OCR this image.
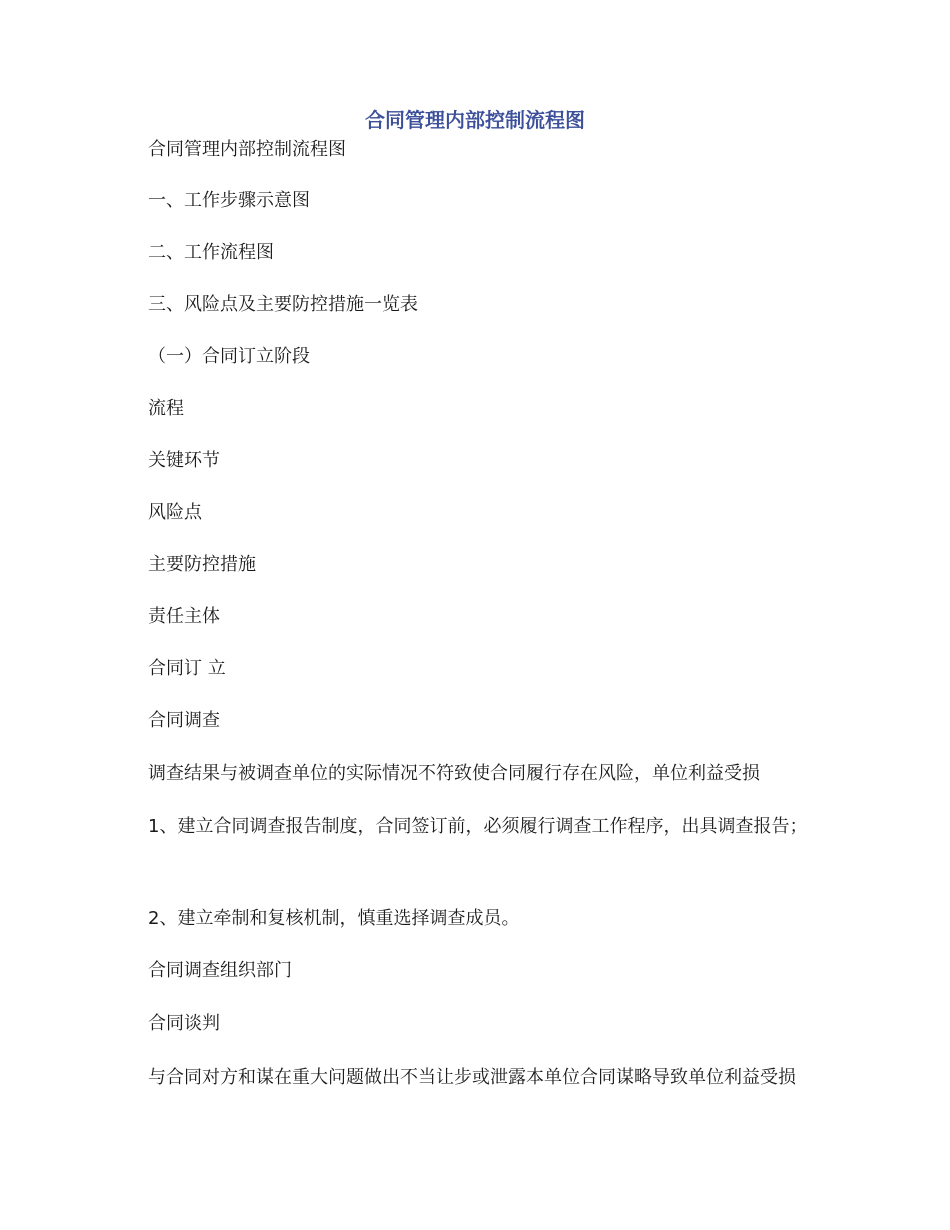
合同管理内部控制流程图

合同管理内部控制流程图

一、工作步骤示意图

二、工作流程图

三、风险点及主要防控措施一览表

（一）合同订立阶段

流程

关键环节

风险点

主要防控措施

责任主体

合同订 立

合同调查

调查结果与被调查单位的实际情况不符致使合同履行存在风险，单位利益受损

1、建立合同调查报告制度，合同签订前，必须履行调查工作程序，出具调查报告；

2、建立牵制和复核机制，慎重选择调查成员。

合同调查组织部门

合同谈判

与合同对方和谋在重大问题做出不当让步或泄露本单位合同谋略导致单位利益受损
